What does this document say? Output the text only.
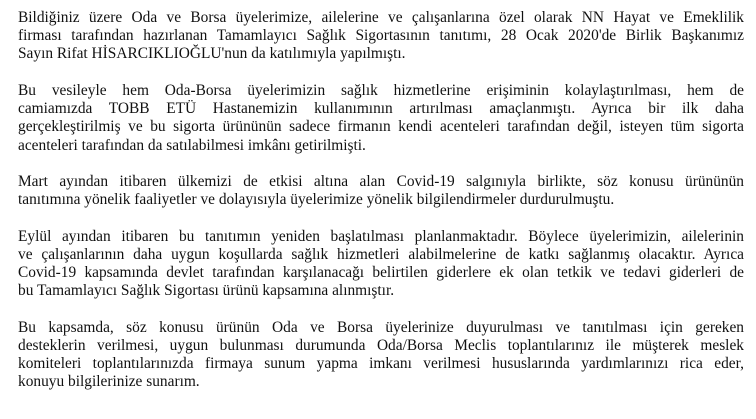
Bildiğiniz üzere Oda ve Borsa üyelerimize, ailelerine ve çalışanlarına özel olarak NN Hayat ve Emeklilik
firması tarafından hazırlanan Tamamlayıcı Sağlık Sigortasının tanıtımı, 28 Ocak 2020'de Birlik Başkanımız
Sayın Rifat HİSARCIKLIOĞLU'nun da katılımıyla yapılmıştı.

Bu vesileyle hem Oda-Borsa üyelerimizin sağlık hizmetlerine erişiminin kolaylaştırılması, hem de
camiamızda TOBB ETÜ Hastanemizin kullanımının artırılması amaçlanmıştı. Ayrıca bir ilk daha
gerçekleştirilmiş ve bu sigorta ürününün sadece firmanın kendi acenteleri tarafından değil, isteyen tüm sigorta
acenteleri tarafından da satılabilmesi imkânı getirilmişti.

Mart ayından itibaren ülkemizi de etkisi altına alan Covid-19 salgınıyla birlikte, söz konusu ürününün
tanıtımına yönelik faaliyetler ve dolayısıyla üyelerimize yönelik bilgilendirmeler durdurulmuştu.

Eylül ayından itibaren bu tanıtımın yeniden başlatılması planlanmaktadır. Böylece üyelerimizin, ailelerinin
ve çalışanlarının daha uygun koşullarda sağlık hizmetleri alabilmelerine de katkı sağlanmış olacaktır. Ayrıca
Covid-19 kapsamında devlet tarafından karşılanacağı belirtilen giderlere ek olan tetkik ve tedavi giderleri de
bu Tamamlayıcı Sağlık Sigortası ürünü kapsamına alınmıştır.

Bu kapsamda, söz konusu ürünün Oda ve Borsa üyelerinize duyurulması ve tanıtılması için gereken
desteklerin verilmesi, uygun bulunması durumunda Oda/Borsa Meclis toplantılarınız ile müşterek meslek
komiteleri toplantılarınızda firmaya sunum yapma imkanı verilmesi hususlarında yardımlarınızı rica eder,
konuyu bilgilerinize sunarım.
